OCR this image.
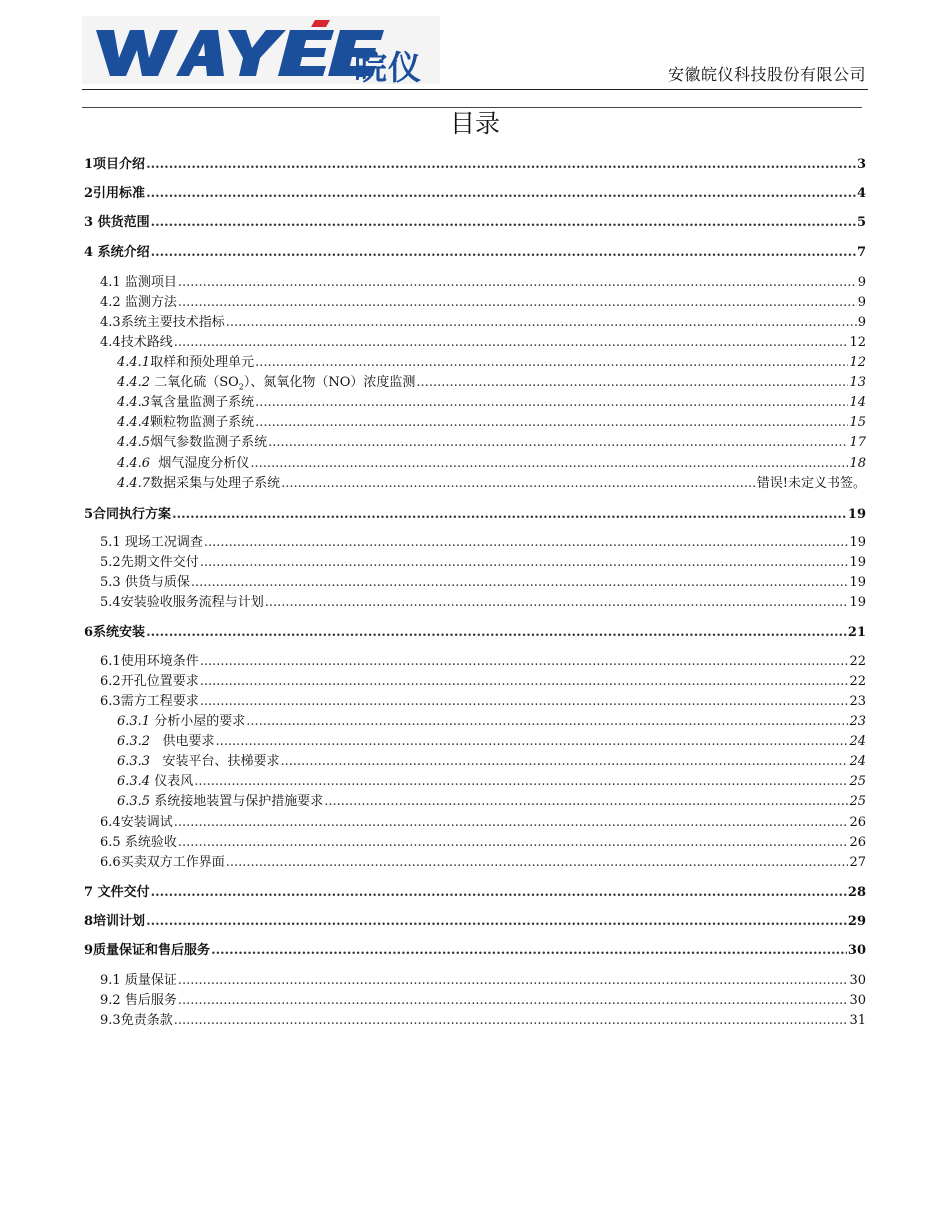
皖仪	安徽皖仪科技股份有限公司
目录
1项目介绍 .....	3
2引用标准 .....	4
3 供货范围 .....	5
4 系统介绍 .....	7
4.1 监测项目 .....	9
4.2 监测方法 .....	9
4.3系统主要技术指标 .....	9
4.4技术路线 .....	12
4.4.1取样和预处理单元 .....	12
4.4.2 二氧化硫$(SO_2)$、氮氧化物（NO）浓度监测 .....	13
4.4.3氧含量监测子系统 .....	14
4.4.4颗粒物监测子系统 .....	15
4.4.5烟气参数监测子系统 .....	17
4.4.6  烟气湿度分析仪 .....	18
4.4.7数据采集与处理子系统 .....	错误!未定义书签。
5合同执行方案 .....	19
5.1 现场工况调查 .....	19
5.2先期文件交付 .....	19
5.3 供货与质保 .....	19
5.4安装验收服务流程与计划 .....	19
6系统安装 .....	21
6.1使用环境条件 .....	22
6.2开孔位置要求 .....	22
6.3需方工程要求 .....	23
6.3.1 分析小屋的要求 .....	23
6.3.2   供电要求 .....	24
6.3.3   安装平台、扶梯要求 .....	24
6.3.4 仪表风 .....	25
6.3.5 系统接地装置与保护措施要求 .....	25
6.4安装调试 .....	26
6.5 系统验收 .....	26
6.6买卖双方工作界面 .....	27
7 文件交付 .....	28
8培训计划 .....	29
9质量保证和售后服务 .....	30
9.1 质量保证 .....	30
9.2 售后服务 .....	30
9.3免责条款 .....	31
